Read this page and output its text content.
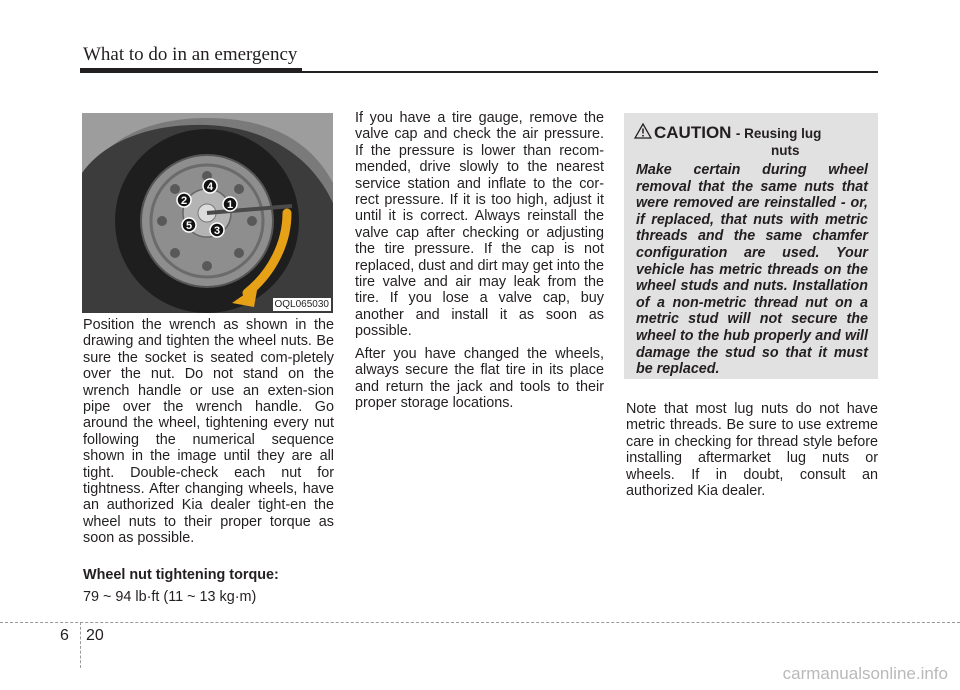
What to do in an emergency
1
2
3
4
5
OQL065030

Position the wrench as shown in the drawing and tighten the wheel nuts. Be sure the socket is seated com-pletely over the nut. Do not stand on the wrench handle or use an exten-sion pipe over the wrench handle. Go around the wheel, tightening every nut following the numerical sequence shown in the image until they are all tight. Double-check each nut for tightness. After changing wheels, have an authorized Kia dealer tight-en the wheel nuts to their proper torque as soon as possible.

Wheel nut tightening torque:
79 ~ 94 lb·ft (11 ~ 13 kg·m)

If you have a tire gauge, remove the valve cap and check the air pressure. If the pressure is lower than recom-mended, drive slowly to the nearest service station and inflate to the cor-rect pressure. If it is too high, adjust it until it is correct. Always reinstall the valve cap after checking or adjusting the tire pressure. If the cap is not replaced, dust and dirt may get into the tire valve and air may leak from the tire. If you lose a valve cap, buy another and install it as soon as possible.

After you have changed the wheels, always secure the flat tire in its place and return the jack and tools to their proper storage locations.

CAUTION - Reusing lug
nuts
Make certain during wheel removal that the same nuts that were removed are reinstalled - or, if replaced, that nuts with metric threads and the same chamfer configuration are used. Your vehicle has metric threads on the wheel studs and nuts. Installation of a non-metric thread nut on a metric stud will not secure the wheel to the hub properly and will damage the stud so that it must be replaced.

Note that most lug nuts do not have metric threads. Be sure to use extreme care in checking for thread style before installing aftermarket lug nuts or wheels. If in doubt, consult an authorized Kia dealer.

6 20
carmanualsonline.info
